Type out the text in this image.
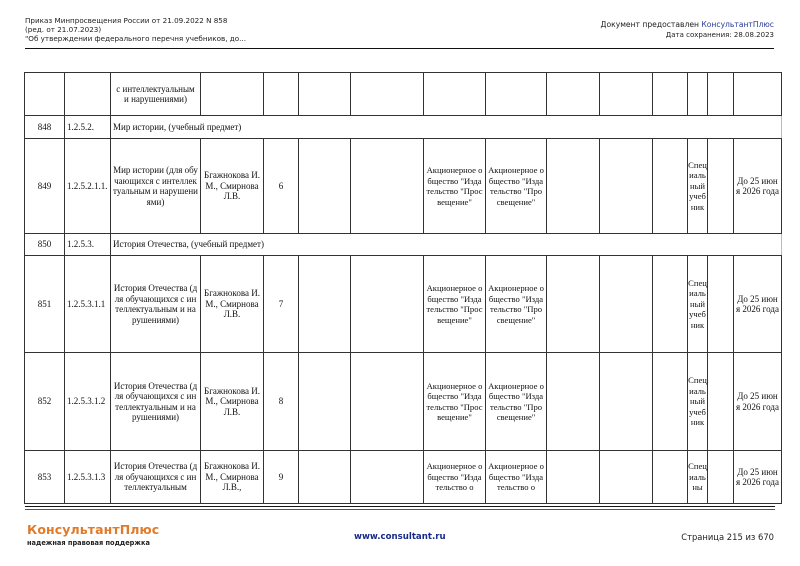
Приказ Минпросвещения России от 21.09.2022 N 858
(ред. от 21.07.2023)
"Об утверждении федерального перечня учебников, до...
Документ предоставлен КонсультантПлюс
Дата сохранения: 28.08.2023
		с интеллектуальным и нарушениями)												
848	1.2.5.2.	Мир истории, (учебный предмет)												
849	1.2.5.2.1.1.	Мир истории (для обучающихся с интеллектуальным и нарушениями)	Бгажнокова И.М., Смирнова Л.В.	6			Акционерное общество "Издательство "Просвещение"	Акционерное общество "Издательство "Просвещение"				Специальный учебник		До 25 июня 2026 года
850	1.2.5.3.	История Отечества, (учебный предмет)												
851	1.2.5.3.1.1	История Отечества (для обучающихся с интеллектуальным и нарушениями)	Бгажнокова И.М., Смирнова Л.В.	7			Акционерное общество "Издательство "Просвещение"	Акционерное общество "Издательство "Просвещение"				Специальный учебник		До 25 июня 2026 года
852	1.2.5.3.1.2	История Отечества (для обучающихся с интеллектуальным и нарушениями)	Бгажнокова И.М., Смирнова Л.В.	8			Акционерное общество "Издательство "Просвещение"	Акционерное общество "Издательство "Просвещение"				Специальный учебник		До 25 июня 2026 года
853	1.2.5.3.1.3	История Отечества (для обучающихся с интеллектуальным	Бгажнокова И.М., Смирнова Л.В.,	9			Акционерное общество "Издательство о	Акционерное общество "Издательство о				Специальны		До 25 июня 2026 года
КонсультантПлюс
надежная правовая поддержка
www.consultant.ru	Страница 215 из 670
